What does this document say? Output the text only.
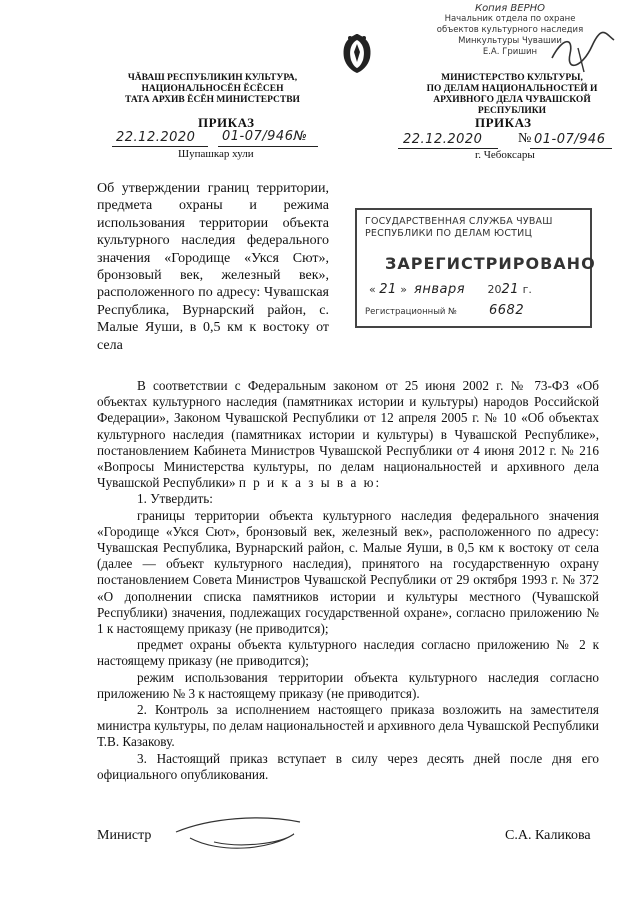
Копия ВЕРНО
Начальник отдела по охране
объектов культурного наследия
Минкультуры Чувашии
Е.А. Гришин
ЧĂВАШ РЕСПУБЛИКИН КУЛЬТУРА,
НАЦИОНАЛЬНОСĔН ĔСĔСЕН
ТАТА АРХИВ ĔСĔН МИНИСТЕРСТВИ
ПРИКАЗ
22.12.2020 01-07/946№
Шупашкар хули
МИНИСТЕРСТВО КУЛЬТУРЫ,
ПО ДЕЛАМ НАЦИОНАЛЬНОСТЕЙ И
АРХИВНОГО ДЕЛА ЧУВАШСКОЙ РЕСПУБЛИКИ
ПРИКАЗ
22.12.2020	№ 01-07/946
г. Чебоксары

Об утверждении границ территории, предмета охраны и режима использования территории объекта культурного наследия федерального значения «Городище «Укся Сют», бронзовый век, железный век», расположенного по адресу: Чувашская Республика, Вурнарский район, с. Малые Яуши, в 0,5 км к востоку от села

ГОСУДАРСТВЕННАЯ СЛУЖБА ЧУВАШ
РЕСПУБЛИКИ ПО ДЕЛАМ ЮСТИЦ
ЗАРЕГИСТРИРОВАНО
« 21 » января 2021 г.
Регистрационный № 6682

В соответствии с Федеральным законом от 25 июня 2002 г. № 73-ФЗ «Об объектах культурного наследия (памятниках истории и культуры) народов Российской Федерации», Законом Чувашской Республики от 12 апреля 2005 г. № 10 «Об объектах культурного наследия (памятниках истории и культуры) в Чувашской Республике», постановлением Кабинета Министров Чувашской Республики от 4 июня 2012 г. № 216 «Вопросы Министерства культуры, по делам национальностей и архивного дела Чувашской Республики» п р и к а з ы в а ю:

1. Утвердить:

границы территории объекта культурного наследия федерального значения «Городище «Укся Сют», бронзовый век, железный век», расположенного по адресу: Чувашская Республика, Вурнарский район, с. Малые Яуши, в 0,5 км к востоку от села (далее — объект культурного наследия), принятого на государственную охрану постановлением Совета Министров Чувашской Республики от 29 октября 1993 г. № 372 «О дополнении списка памятников истории и культуры местного (Чувашской Республики) значения, подлежащих государственной охране», согласно приложению № 1 к настоящему приказу (не приводится);

предмет охраны объекта культурного наследия согласно приложению № 2 к настоящему приказу (не приводится);

режим использования территории объекта культурного наследия согласно приложению № 3 к настоящему приказу (не приводится).

2. Контроль за исполнением настоящего приказа возложить на заместителя министра культуры, по делам национальностей и архивного дела Чувашской Республики Т.В. Казакову.

3. Настоящий приказ вступает в силу через десять дней после дня его официального опубликования.

Министр	С.А. Каликова
